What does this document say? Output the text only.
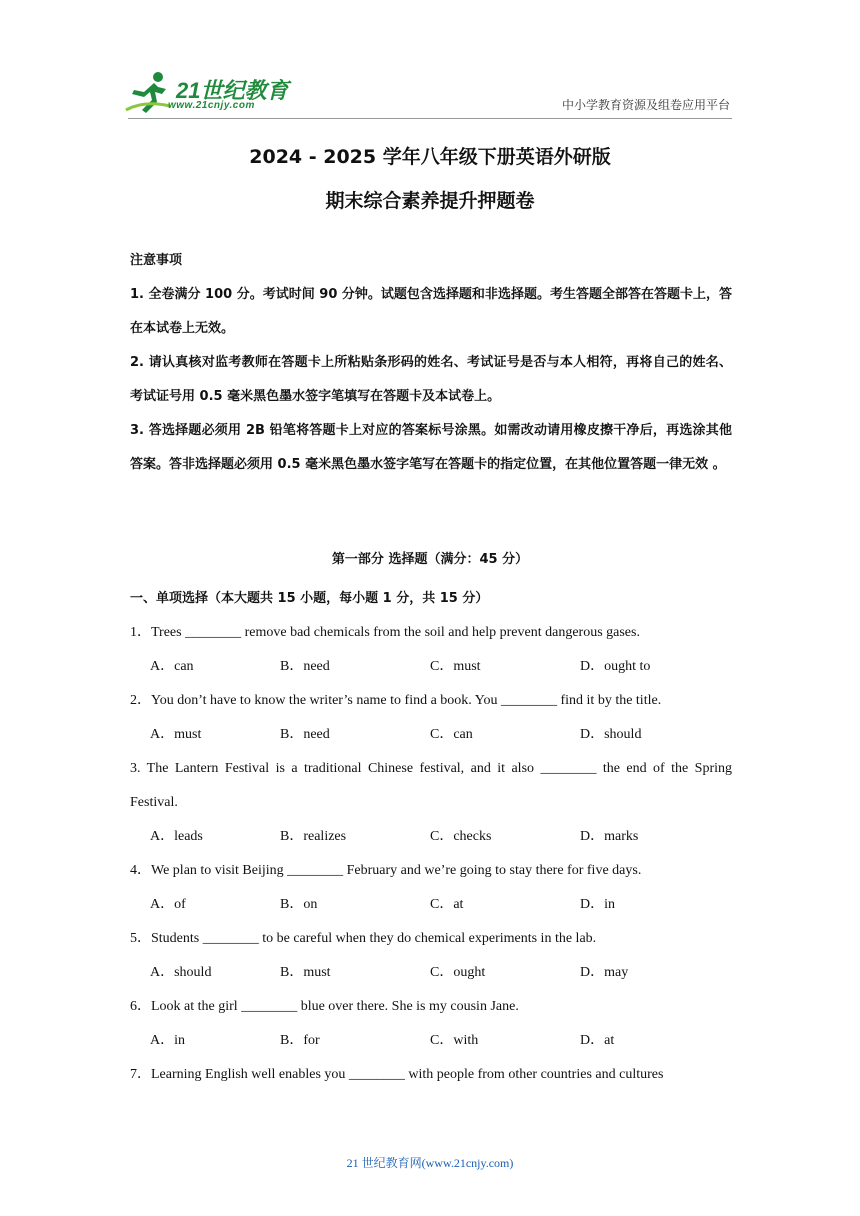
21世纪教育
www.21cnjy.com	中小学教育资源及组卷应用平台
2024 - 2025 学年八年级下册英语外研版
期末综合素养提升押题卷
注意事项

1. 全卷满分 100 分。考试时间 90 分钟。试题包含选择题和非选择题。考生答题全部答在答题卡上，答在本试卷上无效。

2. 请认真核对监考教师在答题卡上所粘贴条形码的姓名、考试证号是否与本人相符，再将自己的姓名、考试证号用 0.5 毫米黑色墨水签字笔填写在答题卡及本试卷上。

3. 答选择题必须用 2B 铅笔将答题卡上对应的答案标号涂黑。如需改动请用橡皮擦干净后，再选涂其他答案。答非选择题必须用 0.5 毫米黑色墨水签字笔写在答题卡的指定位置，在其他位置答题一律无效 。

第一部分 选择题（满分：45 分）
一、单项选择（本大题共 15 小题，每小题 1 分，共 15 分）
1．Trees ________ remove bad chemicals from the soil and help prevent dangerous gases.
A．can	B．need	C．must	D．ought to
2．You don’t have to know the writer’s name to find a book. You ________ find it by the title.
A．must	B．need	C．can	D．should
3. The Lantern Festival is a traditional Chinese festival, and it also ________ the end of the Spring Festival.
A．leads	B．realizes	C．checks	D．marks
4．We plan to visit Beijing ________ February and we’re going to stay there for five days.
A．of	B．on	C．at	D．in
5．Students ________ to be careful when they do chemical experiments in the lab.
A．should	B．must	C．ought	D．may
6．Look at the girl ________ blue over there. She is my cousin Jane.
A．in	B．for	C．with	D．at
7．Learning English well enables you ________ with people from other countries and cultures
21 世纪教育网(www.21cnjy.com)
